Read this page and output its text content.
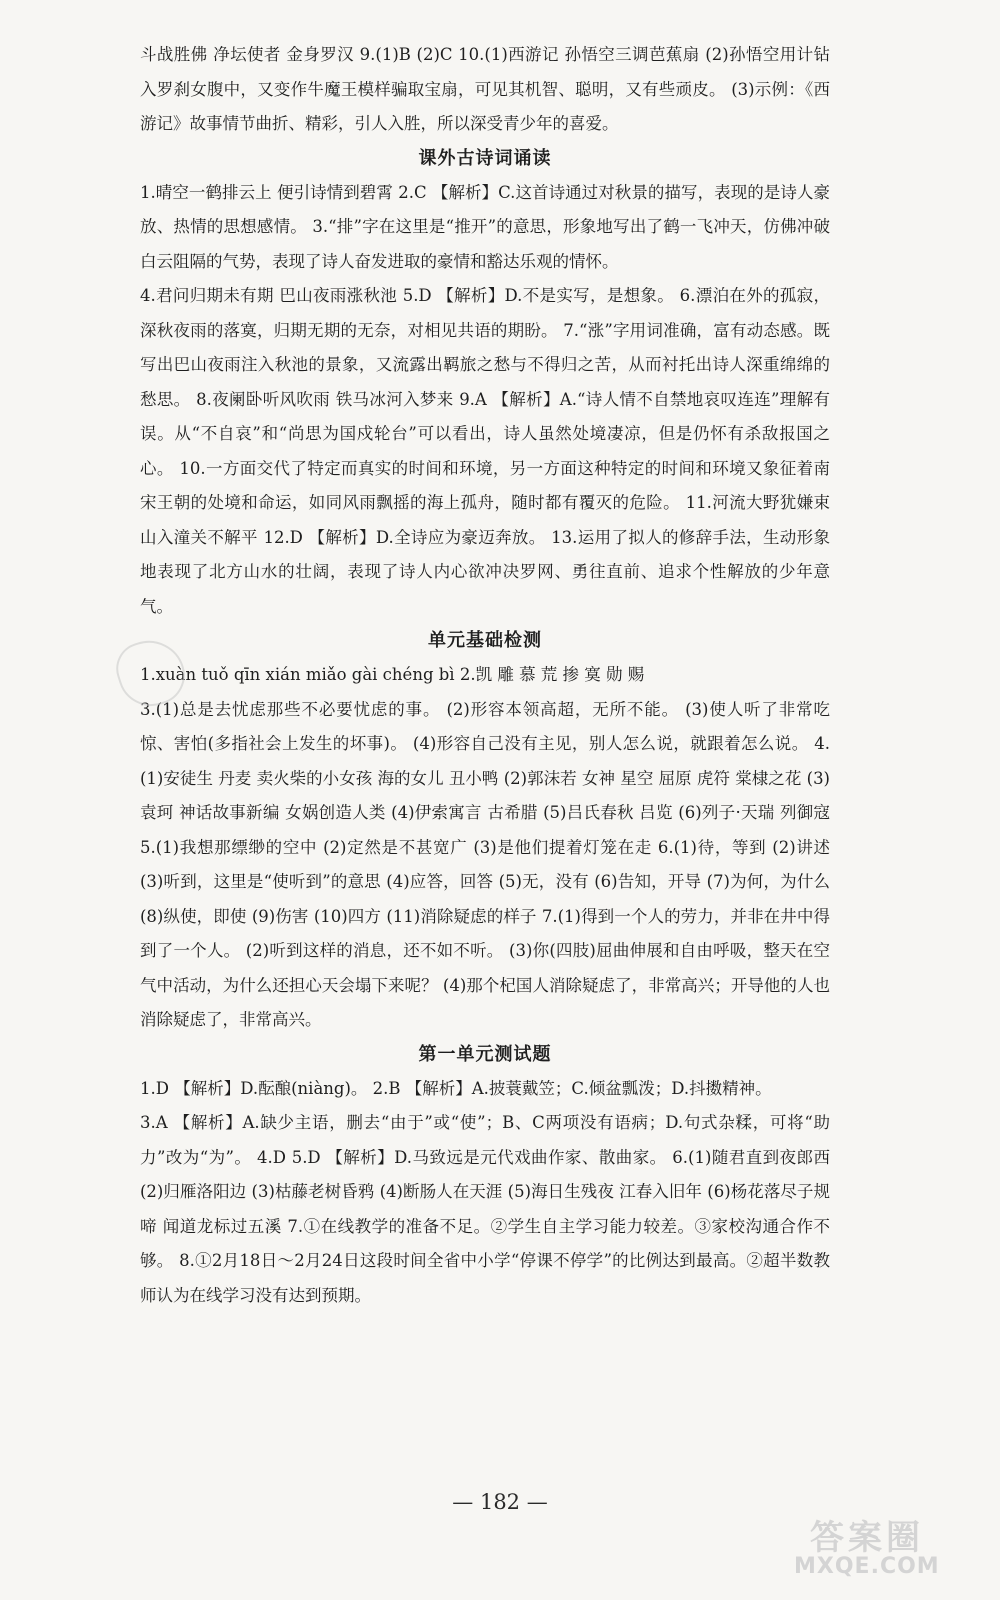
斗战胜佛 净坛使者 金身罗汉 9.(1)B (2)C 10.(1)西游记 孙悟空三调芭蕉扇 (2)孙悟空用计钻入罗刹女腹中，又变作牛魔王模样骗取宝扇，可见其机智、聪明，又有些顽皮。 (3)示例：《西游记》故事情节曲折、精彩，引人入胜，所以深受青少年的喜爱。

课外古诗词诵读

1.晴空一鹤排云上 便引诗情到碧霄 2.C 【解析】C.这首诗通过对秋景的描写，表现的是诗人豪放、热情的思想感情。 3.“排”字在这里是“推开”的意思，形象地写出了鹤一飞冲天，仿佛冲破白云阻隔的气势，表现了诗人奋发进取的豪情和豁达乐观的情怀。

4.君问归期未有期 巴山夜雨涨秋池 5.D 【解析】D.不是实写，是想象。 6.漂泊在外的孤寂，深秋夜雨的落寞，归期无期的无奈，对相见共语的期盼。 7.“涨”字用词准确，富有动态感。既写出巴山夜雨注入秋池的景象，又流露出羁旅之愁与不得归之苦，从而衬托出诗人深重绵绵的愁思。 8.夜阑卧听风吹雨 铁马冰河入梦来 9.A 【解析】A.“诗人情不自禁地哀叹连连”理解有误。从“不自哀”和“尚思为国戍轮台”可以看出，诗人虽然处境凄凉，但是仍怀有杀敌报国之心。 10.一方面交代了特定而真实的时间和环境，另一方面这种特定的时间和环境又象征着南宋王朝的处境和命运，如同风雨飘摇的海上孤舟，随时都有覆灭的危险。 11.河流大野犹嫌束 山入潼关不解平 12.D 【解析】D.全诗应为豪迈奔放。 13.运用了拟人的修辞手法，生动形象地表现了北方山水的壮阔，表现了诗人内心欲冲决罗网、勇往直前、追求个性解放的少年意气。

单元基础检测

1.xuàn tuǒ qīn xián miǎo gài chéng bì 2.凯 雕 慕 荒 掺 寞 勋 赐

3.(1)总是去忧虑那些不必要忧虑的事。 (2)形容本领高超，无所不能。 (3)使人听了非常吃惊、害怕(多指社会上发生的坏事)。 (4)形容自己没有主见，别人怎么说，就跟着怎么说。 4.(1)安徒生 丹麦 卖火柴的小女孩 海的女儿 丑小鸭 (2)郭沫若 女神 星空 屈原 虎符 棠棣之花 (3)袁珂 神话故事新编 女娲创造人类 (4)伊索寓言 古希腊 (5)吕氏春秋 吕览 (6)列子·天瑞 列御寇 5.(1)我想那缥缈的空中 (2)定然是不甚宽广 (3)是他们提着灯笼在走 6.(1)待，等到 (2)讲述 (3)听到，这里是“使听到”的意思 (4)应答，回答 (5)无，没有 (6)告知，开导 (7)为何，为什么 (8)纵使，即使 (9)伤害 (10)四方 (11)消除疑虑的样子 7.(1)得到一个人的劳力，并非在井中得到了一个人。 (2)听到这样的消息，还不如不听。 (3)你(四肢)屈曲伸展和自由呼吸，整天在空气中活动，为什么还担心天会塌下来呢？ (4)那个杞国人消除疑虑了，非常高兴；开导他的人也消除疑虑了，非常高兴。

第一单元测试题

1.D 【解析】D.酝酿(niàng)。 2.B 【解析】A.披蓑戴笠；C.倾盆瓢泼；D.抖擞精神。

3.A 【解析】A.缺少主语，删去“由于”或“使”；B、C两项没有语病；D.句式杂糅，可将“助力”改为“为”。 4.D 5.D 【解析】D.马致远是元代戏曲作家、散曲家。 6.(1)随君直到夜郎西 (2)归雁洛阳边 (3)枯藤老树昏鸦 (4)断肠人在天涯 (5)海日生残夜 江春入旧年 (6)杨花落尽子规啼 闻道龙标过五溪 7.①在线教学的准备不足。②学生自主学习能力较差。③家校沟通合作不够。 8.①2月18日～2月24日这段时间全省中小学“停课不停学”的比例达到最高。②超半数教师认为在线学习没有达到预期。

— 182 —
答案圈
MXQE.COM
